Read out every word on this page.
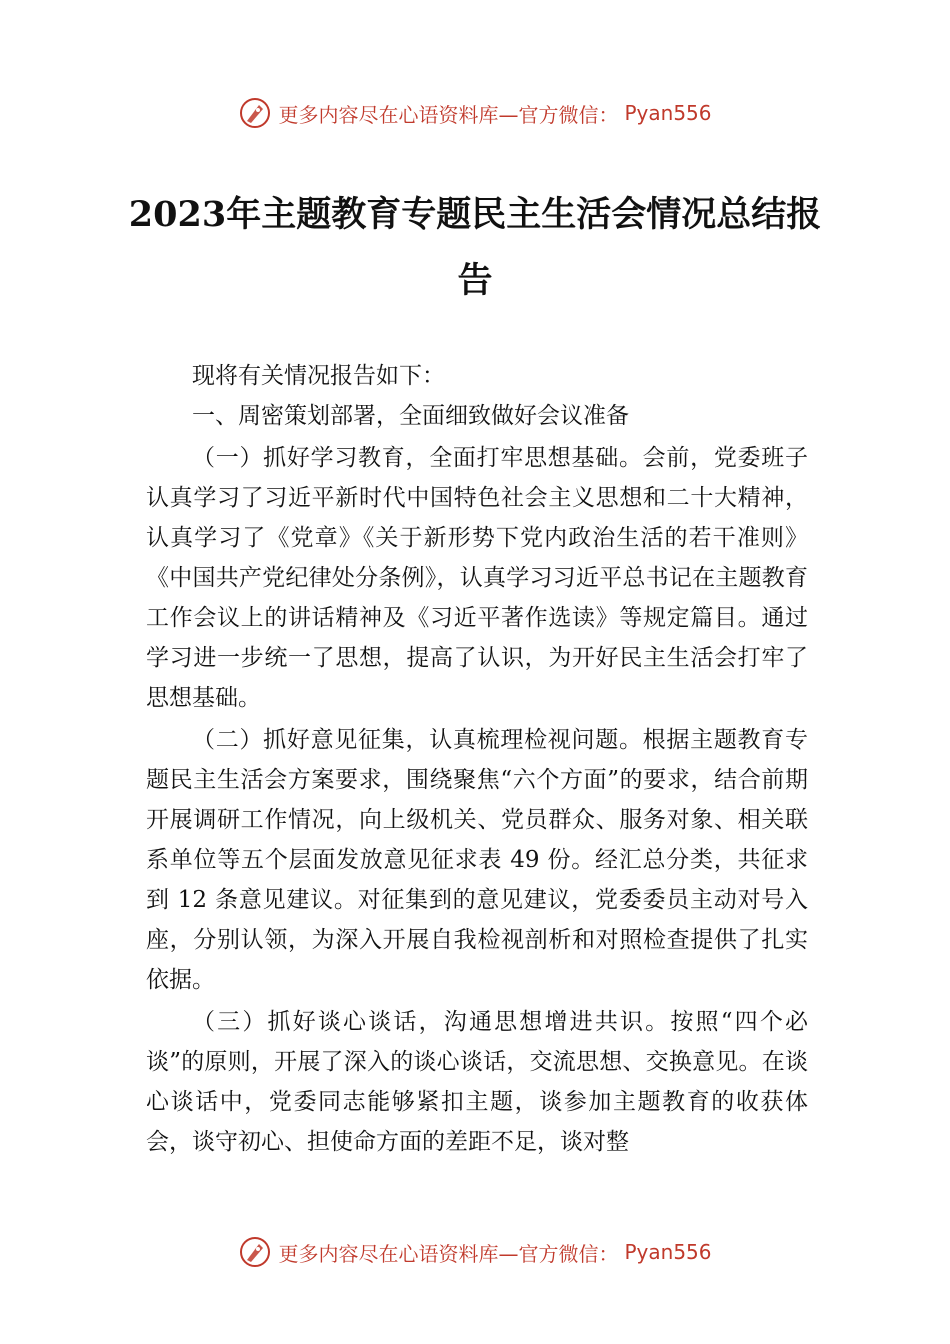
更多内容尽在心语资料库—官方微信： Pyan556
2023年主题教育专题民主生活会情况总结报告

现将有关情况报告如下：

一、周密策划部署，全面细致做好会议准备

（一）抓好学习教育，全面打牢思想基础。会前，党委班子认真学习了习近平新时代中国特色社会主义思想和二十大精神，认真学习了《党章》《关于新形势下党内政治生活的若干准则》《中国共产党纪律处分条例》，认真学习习近平总书记在主题教育工作会议上的讲话精神及《习近平著作选读》等规定篇目。通过学习进一步统一了思想，提高了认识，为开好民主生活会打牢了思想基础。

（二）抓好意见征集，认真梳理检视问题。根据主题教育专题民主生活会方案要求，围绕聚焦“六个方面”的要求，结合前期开展调研工作情况，向上级机关、党员群众、服务对象、相关联系单位等五个层面发放意见征求表 49 份。经汇总分类，共征求到 12 条意见建议。对征集到的意见建议，党委委员主动对号入座，分别认领，为深入开展自我检视剖析和对照检查提供了扎实依据。

（三）抓好谈心谈话，沟通思想增进共识。按照“四个必谈”的原则，开展了深入的谈心谈话，交流思想、交换意见。在谈心谈话中，党委同志能够紧扣主题，谈参加主题教育的收获体会，谈守初心、担使命方面的差距不足，谈对整

更多内容尽在心语资料库—官方微信： Pyan556
